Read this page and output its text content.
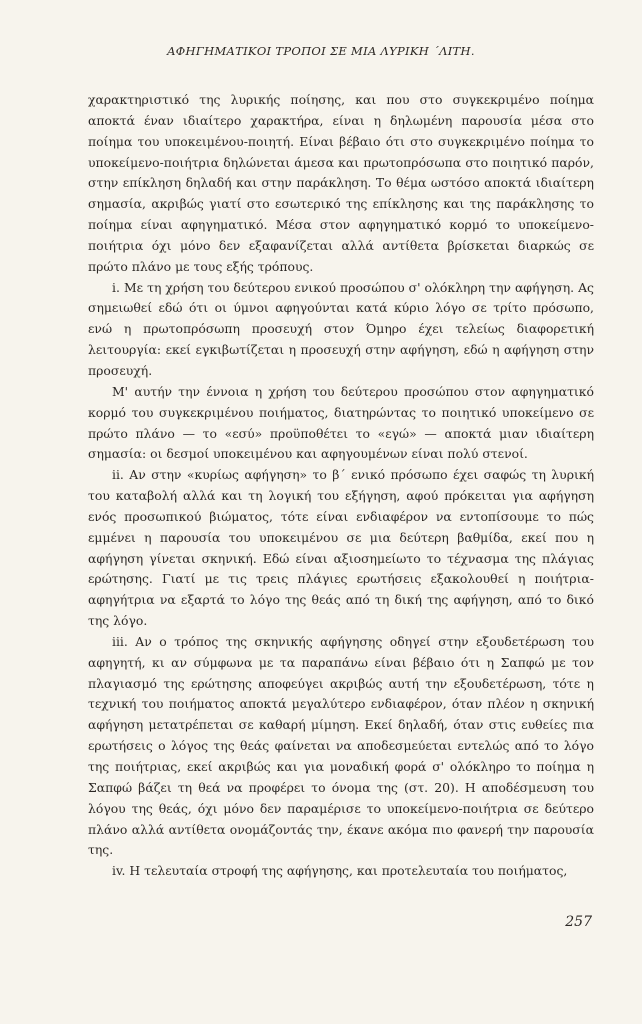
ΑΦΗΓΗΜΑΤΙΚΟΙ ΤΡΟΠΟΙ ΣΕ ΜΙΑ ΛΥΡΙΚΗ ΄ΛΙΤΗ.

χαρακτηριστικό της λυρικής ποίησης, και που στο συγκεκριμένο ποίημα αποκτά έναν ιδιαίτερο χαρακτήρα, είναι η δηλωμένη παρουσία μέσα στο ποίημα του υποκειμένου-ποιητή. Είναι βέβαιο ότι στο συγκεκριμένο ποίημα το υποκείμενο-ποιήτρια δηλώνεται άμεσα και πρωτοπρόσωπα στο ποιητικό παρόν, στην επίκληση δηλαδή και στην παράκληση. Το θέμα ωστόσο αποκτά ιδιαίτερη σημασία, ακριβώς γιατί στο εσωτερικό της επίκλησης και της παράκλησης το ποίημα είναι αφηγηματικό. Μέσα στον αφηγηματικό κορμό το υποκείμενο-ποιήτρια όχι μόνο δεν εξαφανίζεται αλλά αντίθετα βρίσκεται διαρκώς σε πρώτο πλάνο με τους εξής τρόπους.

i. Με τη χρήση του δεύτερου ενικού προσώπου σ' ολόκληρη την αφήγηση. Ας σημειωθεί εδώ ότι οι ύμνοι αφηγούνται κατά κύριο λόγο σε τρίτο πρόσωπο, ενώ η πρωτοπρόσωπη προσευχή στον Όμηρο έχει τελείως διαφορετική λειτουργία: εκεί εγκιβωτίζεται η προσευχή στην αφήγηση, εδώ η αφήγηση στην προσευχή.

Μ' αυτήν την έννοια η χρήση του δεύτερου προσώπου στον αφηγηματικό κορμό του συγκεκριμένου ποιήματος, διατηρώντας το ποιητικό υποκείμενο σε πρώτο πλάνο — το «εσύ» προϋποθέτει το «εγώ» — αποκτά μιαν ιδιαίτερη σημασία: οι δεσμοί υποκειμένου και αφηγουμένων είναι πολύ στενοί.

ii. Αν στην «κυρίως αφήγηση» το β΄ ενικό πρόσωπο έχει σαφώς τη λυρική του καταβολή αλλά και τη λογική του εξήγηση, αφού πρόκειται για αφήγηση ενός προσωπικού βιώματος, τότε είναι ενδιαφέρον να εντοπίσουμε το πώς εμμένει η παρουσία του υποκειμένου σε μια δεύτερη βαθμίδα, εκεί που η αφήγηση γίνεται σκηνική. Εδώ είναι αξιοσημείωτο το τέχνασμα της πλάγιας ερώτησης. Γιατί με τις τρεις πλάγιες ερωτήσεις εξακολουθεί η ποιήτρια-αφηγήτρια να εξαρτά το λόγο της θεάς από τη δική της αφήγηση, από το δικό της λόγο.

iii. Αν ο τρόπος της σκηνικής αφήγησης οδηγεί στην εξουδετέρωση του αφηγητή, κι αν σύμφωνα με τα παραπάνω είναι βέβαιο ότι η Σαπφώ με τον πλαγιασμό της ερώτησης αποφεύγει ακριβώς αυτή την εξουδετέρωση, τότε η τεχνική του ποιήματος αποκτά μεγαλύτερο ενδιαφέρον, όταν πλέον η σκηνική αφήγηση μετατρέπεται σε καθαρή μίμηση. Εκεί δηλαδή, όταν στις ευθείες πια ερωτήσεις ο λόγος της θεάς φαίνεται να αποδεσμεύεται εντελώς από το λόγο της ποιήτριας, εκεί ακριβώς και για μοναδική φορά σ' ολόκληρο το ποίημα η Σαπφώ βάζει τη θεά να προφέρει το όνομα της (στ. 20). Η αποδέσμευση του λόγου της θεάς, όχι μόνο δεν παραμέρισε το υποκείμενο-ποιήτρια σε δεύτερο πλάνο αλλά αντίθετα ονομάζοντάς την, έκανε ακόμα πιο φανερή την παρουσία της.

iv. Η τελευταία στροφή της αφήγησης, και προτελευταία του ποιήματος,

257
